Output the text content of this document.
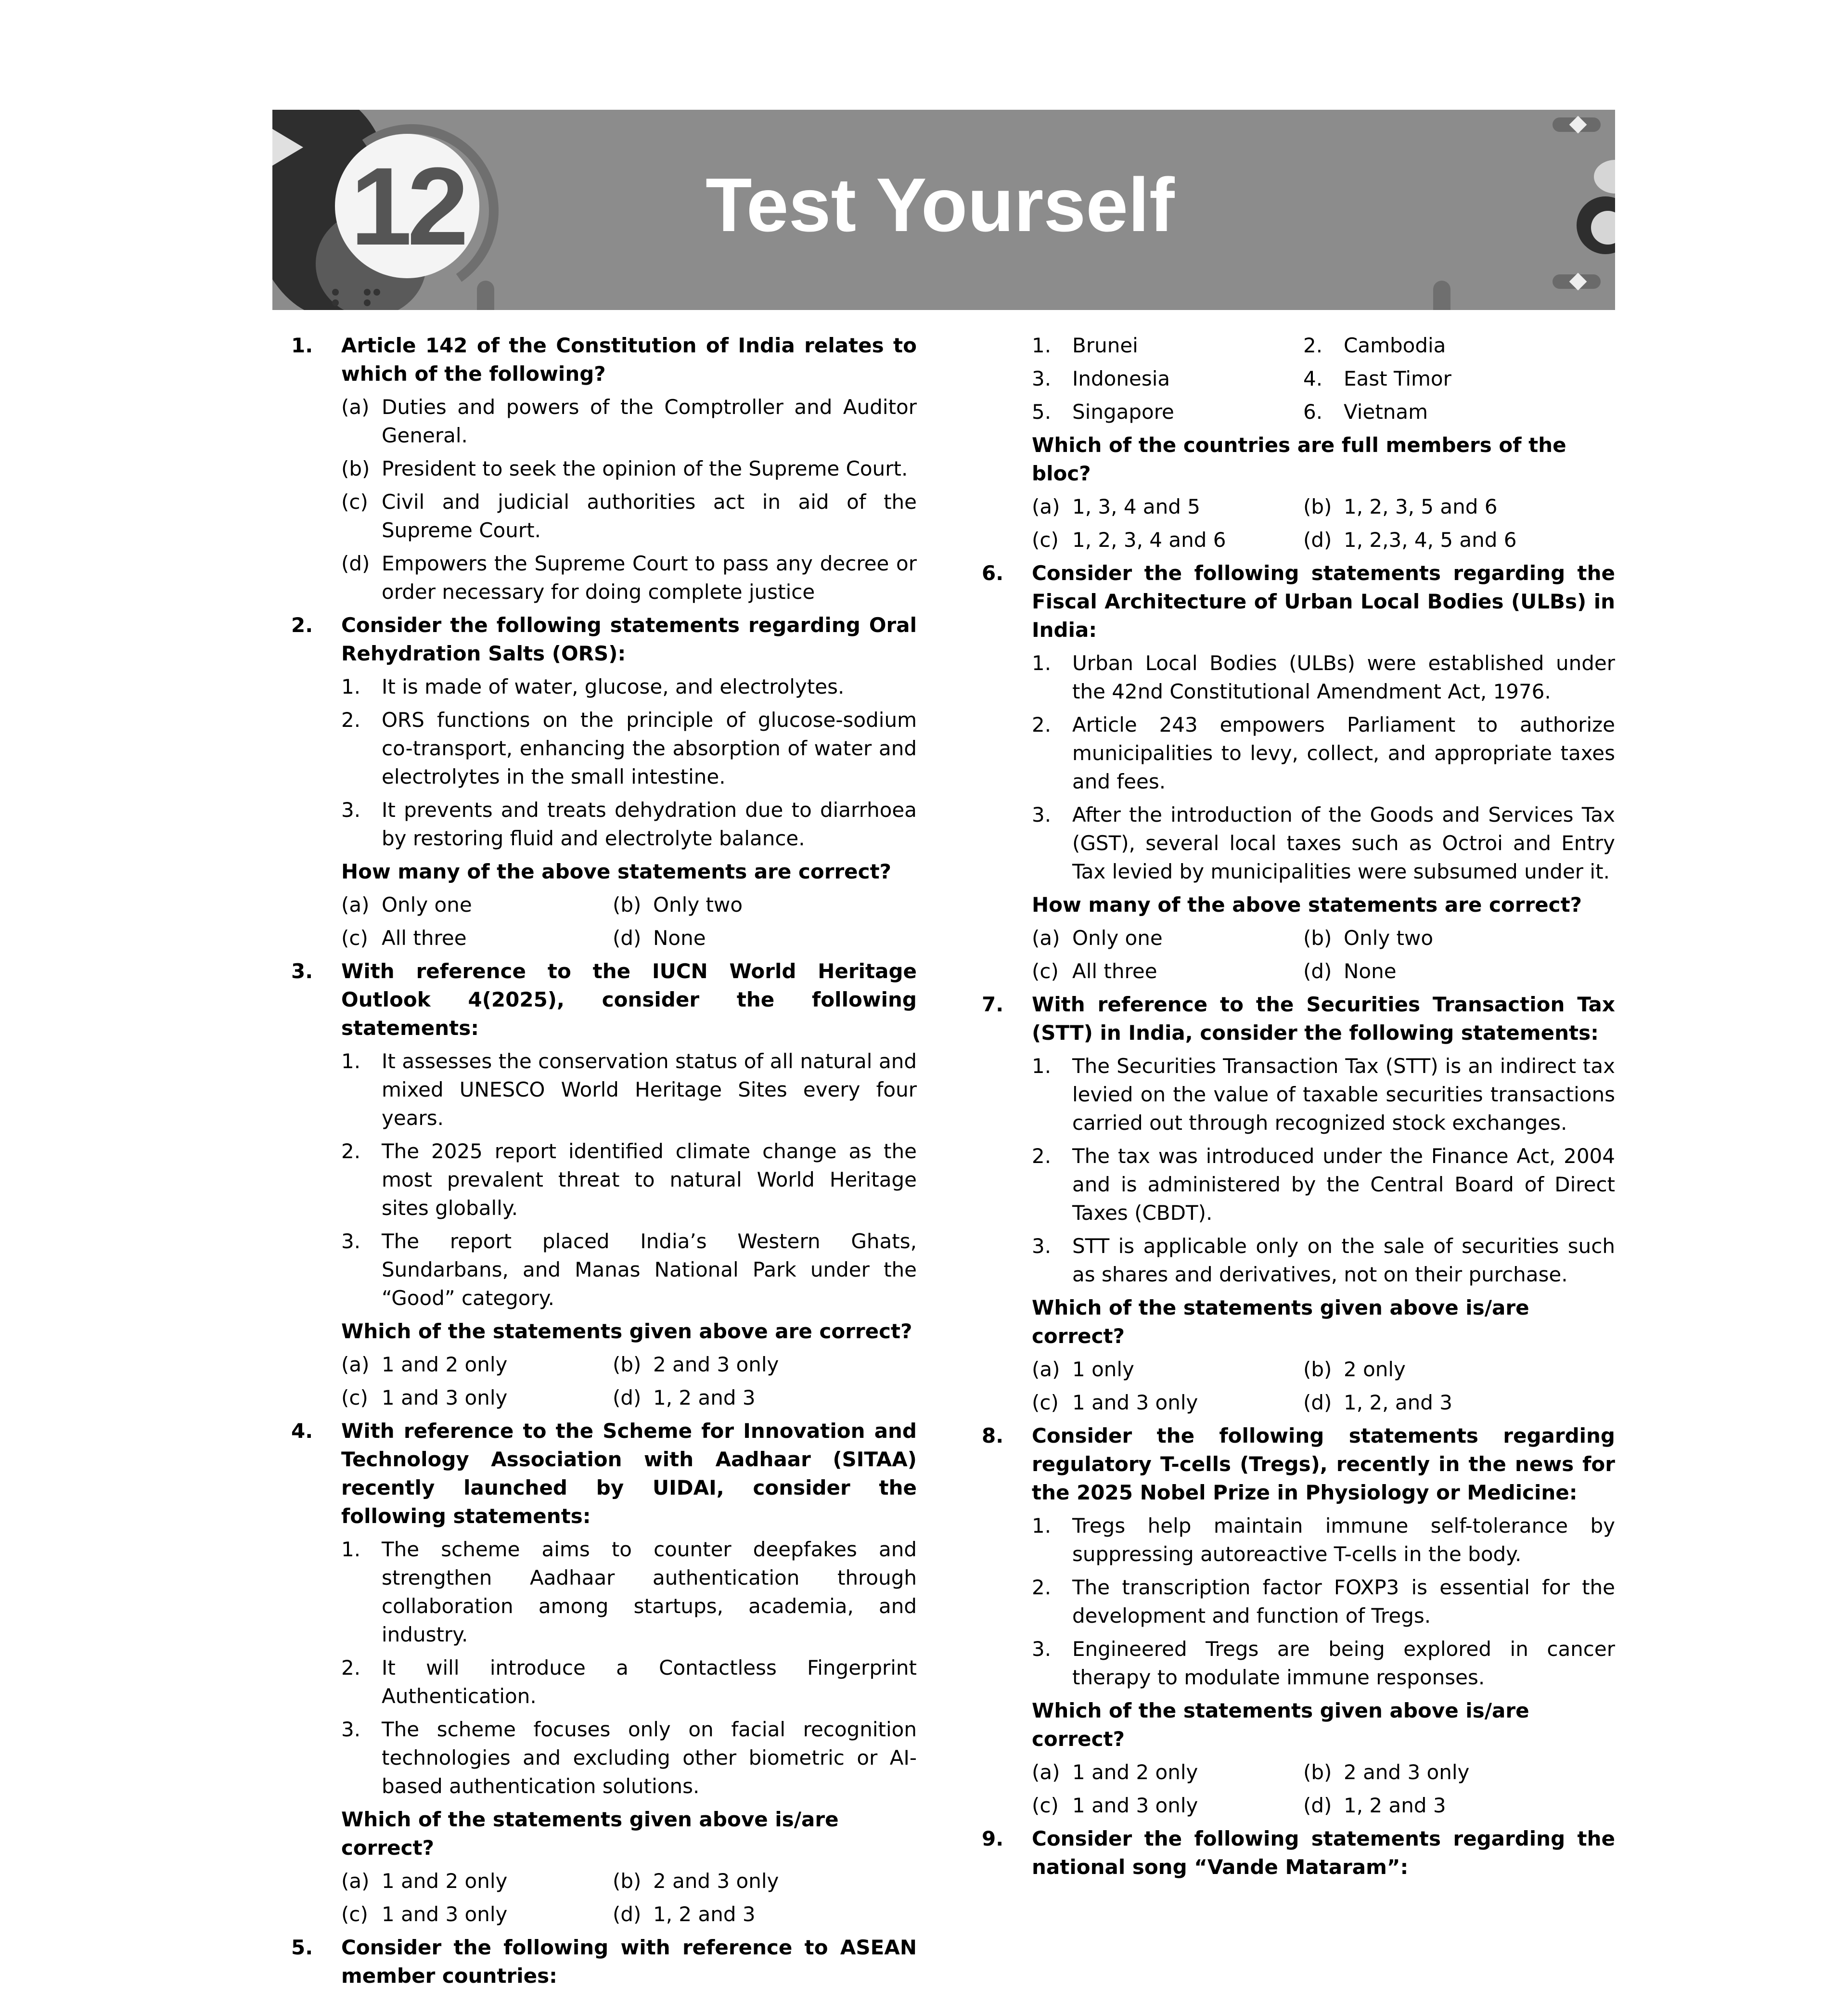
12	Test Yourself
1. Article 142 of the Constitution of India relates to which of the following?
(a) Duties and powers of the Comptroller and Auditor General.
(b) President to seek the opinion of the Supreme Court.
(c) Civil and judicial authorities act in aid of the Supreme Court.
(d) Empowers the Supreme Court to pass any decree or order necessary for doing complete justice
2. Consider the following statements regarding Oral Rehydration Salts (ORS):
1. It is made of water, glucose, and electrolytes.
2. ORS functions on the principle of glucose-sodium co-transport, enhancing the absorption of water and electrolytes in the small intestine.
3. It prevents and treats dehydration due to diarrhoea by restoring fluid and electrolyte balance.
How many of the above statements are correct?
(a) Only one	(b) Only two
(c) All three	(d) None
3. With reference to the IUCN World Heritage Outlook 4(2025), consider the following statements:
1. It assesses the conservation status of all natural and mixed UNESCO World Heritage Sites every four years.
2. The 2025 report identified climate change as the most prevalent threat to natural World Heritage sites globally.
3. The report placed India’s Western Ghats, Sundarbans, and Manas National Park under the “Good” category.
Which of the statements given above are correct?
(a) 1 and 2 only	(b) 2 and 3 only
(c) 1 and 3 only	(d) 1, 2 and 3
4. With reference to the Scheme for Innovation and Technology Association with Aadhaar (SITAA) recently launched by UIDAI, consider the following statements:
1. The scheme aims to counter deepfakes and strengthen Aadhaar authentication through collaboration among startups, academia, and industry.
2. It will introduce a Contactless Fingerprint Authentication.
3. The scheme focuses only on facial recognition technologies and excluding other biometric or AI-based authentication solutions.
Which of the statements given above is/are correct?
(a) 1 and 2 only	(b) 2 and 3 only
(c) 1 and 3 only	(d) 1, 2 and 3
5. Consider the following with reference to ASEAN member countries:
1. Brunei	2. Cambodia
3. Indonesia	4. East Timor
5. Singapore	6. Vietnam
Which of the countries are full members of the bloc?
(a) 1, 3, 4 and 5	(b) 1, 2, 3, 5 and 6
(c) 1, 2, 3, 4 and 6	(d) 1, 2,3, 4, 5 and 6
6. Consider the following statements regarding the Fiscal Architecture of Urban Local Bodies (ULBs) in India:
1. Urban Local Bodies (ULBs) were established under the 42nd Constitutional Amendment Act, 1976.
2. Article 243 empowers Parliament to authorize municipalities to levy, collect, and appropriate taxes and fees.
3. After the introduction of the Goods and Services Tax (GST), several local taxes such as Octroi and Entry Tax levied by municipalities were subsumed under it.
How many of the above statements are correct?
(a) Only one	(b) Only two
(c) All three	(d) None
7. With reference to the Securities Transaction Tax (STT) in India, consider the following statements:
1. The Securities Transaction Tax (STT) is an indirect tax levied on the value of taxable securities transactions carried out through recognized stock exchanges.
2. The tax was introduced under the Finance Act, 2004 and is administered by the Central Board of Direct Taxes (CBDT).
3. STT is applicable only on the sale of securities such as shares and derivatives, not on their purchase.
Which of the statements given above is/are correct?
(a) 1 only	(b) 2 only
(c) 1 and 3 only	(d) 1, 2, and 3
8. Consider the following statements regarding regulatory T-cells (Tregs), recently in the news for the 2025 Nobel Prize in Physiology or Medicine:
1. Tregs help maintain immune self-tolerance by suppressing autoreactive T-cells in the body.
2. The transcription factor FOXP3 is essential for the development and function of Tregs.
3. Engineered Tregs are being explored in cancer therapy to modulate immune responses.
Which of the statements given above is/are correct?
(a) 1 and 2 only	(b) 2 and 3 only
(c) 1 and 3 only	(d) 1, 2 and 3
9. Consider the following statements regarding the national song “Vande Mataram”:
